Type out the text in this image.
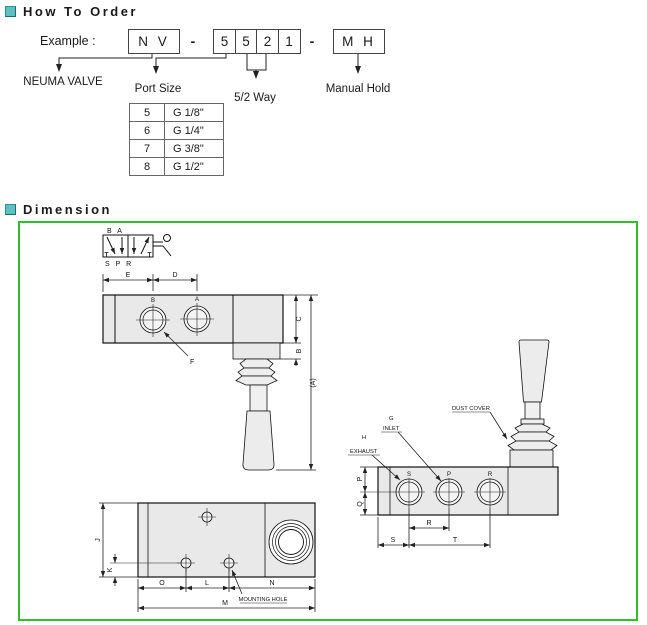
How To Order
Example :	N V	-	5	5	2	1	-	M H
NEUMA VALVE
Port Size
5/2 Way
Manual Hold
5	G 1/8"
6	G 1/4"
7	G 3/8"
8	G 1/2"
Dimension
B A
S P R
E	D
B	A
C
B
(A)
F
J
K
O	L	N
M MOUNTING HOLE
S	P	R
DUST COVER
G
INLET
H
EXHAUST
P
Q
R
S	T
